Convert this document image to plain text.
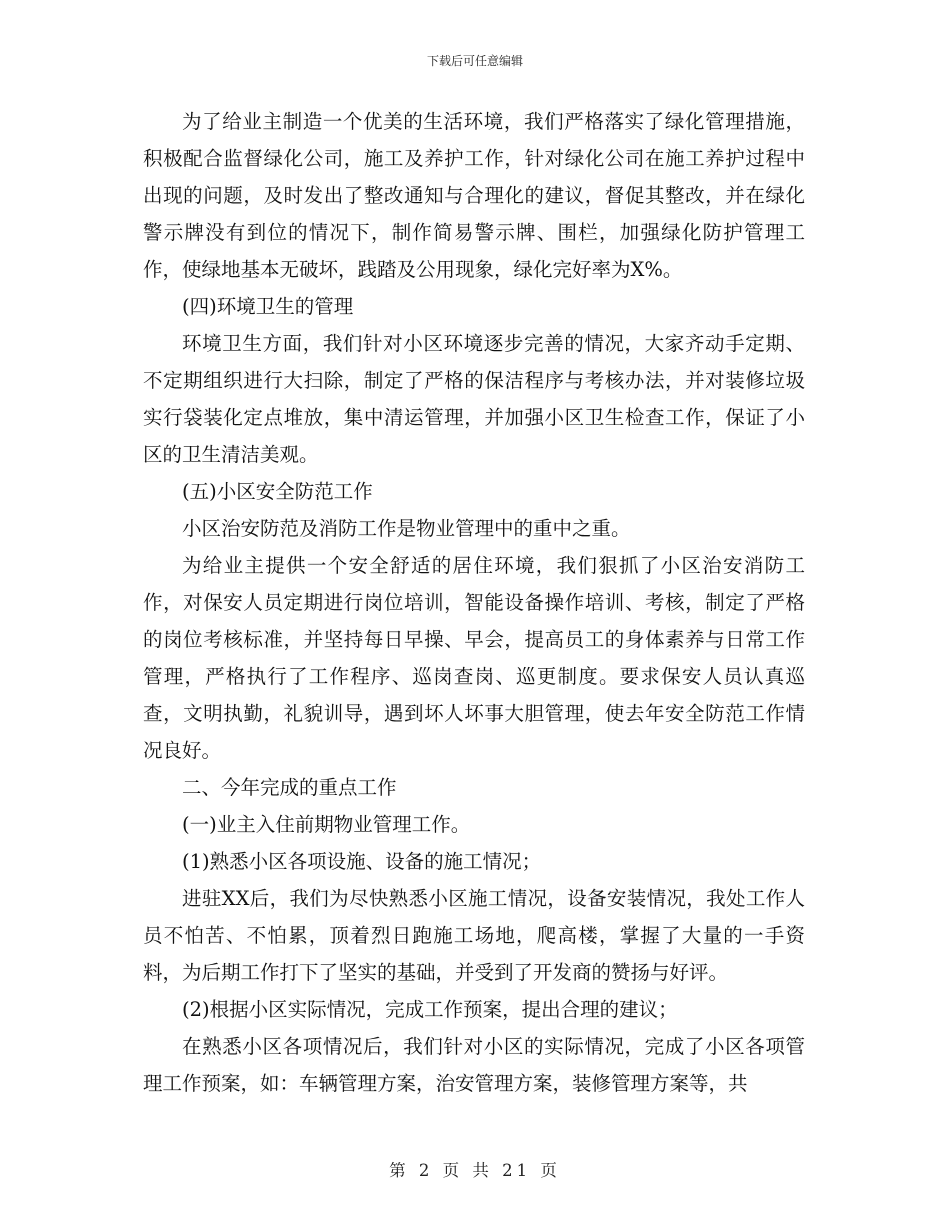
下载后可任意编辑

为了给业主制造一个优美的生活环境，我们严格落实了绿化管理措施，积极配合监督绿化公司，施工及养护工作，针对绿化公司在施工养护过程中出现的问题，及时发出了整改通知与合理化的建议，督促其整改，并在绿化警示牌没有到位的情况下，制作简易警示牌、围栏，加强绿化防护管理工作，使绿地基本无破坏，践踏及公用现象，绿化完好率为X%。

(四)环境卫生的管理

环境卫生方面，我们针对小区环境逐步完善的情况，大家齐动手定期、不定期组织进行大扫除，制定了严格的保洁程序与考核办法，并对装修垃圾实行袋装化定点堆放，集中清运管理，并加强小区卫生检查工作，保证了小区的卫生清洁美观。

(五)小区安全防范工作

小区治安防范及消防工作是物业管理中的重中之重。

为给业主提供一个安全舒适的居住环境，我们狠抓了小区治安消防工作，对保安人员定期进行岗位培训，智能设备操作培训、考核，制定了严格的岗位考核标准，并坚持每日早操、早会，提高员工的身体素养与日常工作管理，严格执行了工作程序、巡岗查岗、巡更制度。要求保安人员认真巡查，文明执勤，礼貌训导，遇到坏人坏事大胆管理，使去年安全防范工作情况良好。

二、今年完成的重点工作

(一)业主入住前期物业管理工作。

(1)熟悉小区各项设施、设备的施工情况；

进驻XX后，我们为尽快熟悉小区施工情况，设备安装情况，我处工作人员不怕苦、不怕累，顶着烈日跑施工场地，爬高楼，掌握了大量的一手资料，为后期工作打下了坚实的基础，并受到了开发商的赞扬与好评。

(2)根据小区实际情况，完成工作预案，提出合理的建议；

在熟悉小区各项情况后，我们针对小区的实际情况，完成了小区各项管理工作预案，如：车辆管理方案，治安管理方案，装修管理方案等，共

第 2 页 共 21 页
